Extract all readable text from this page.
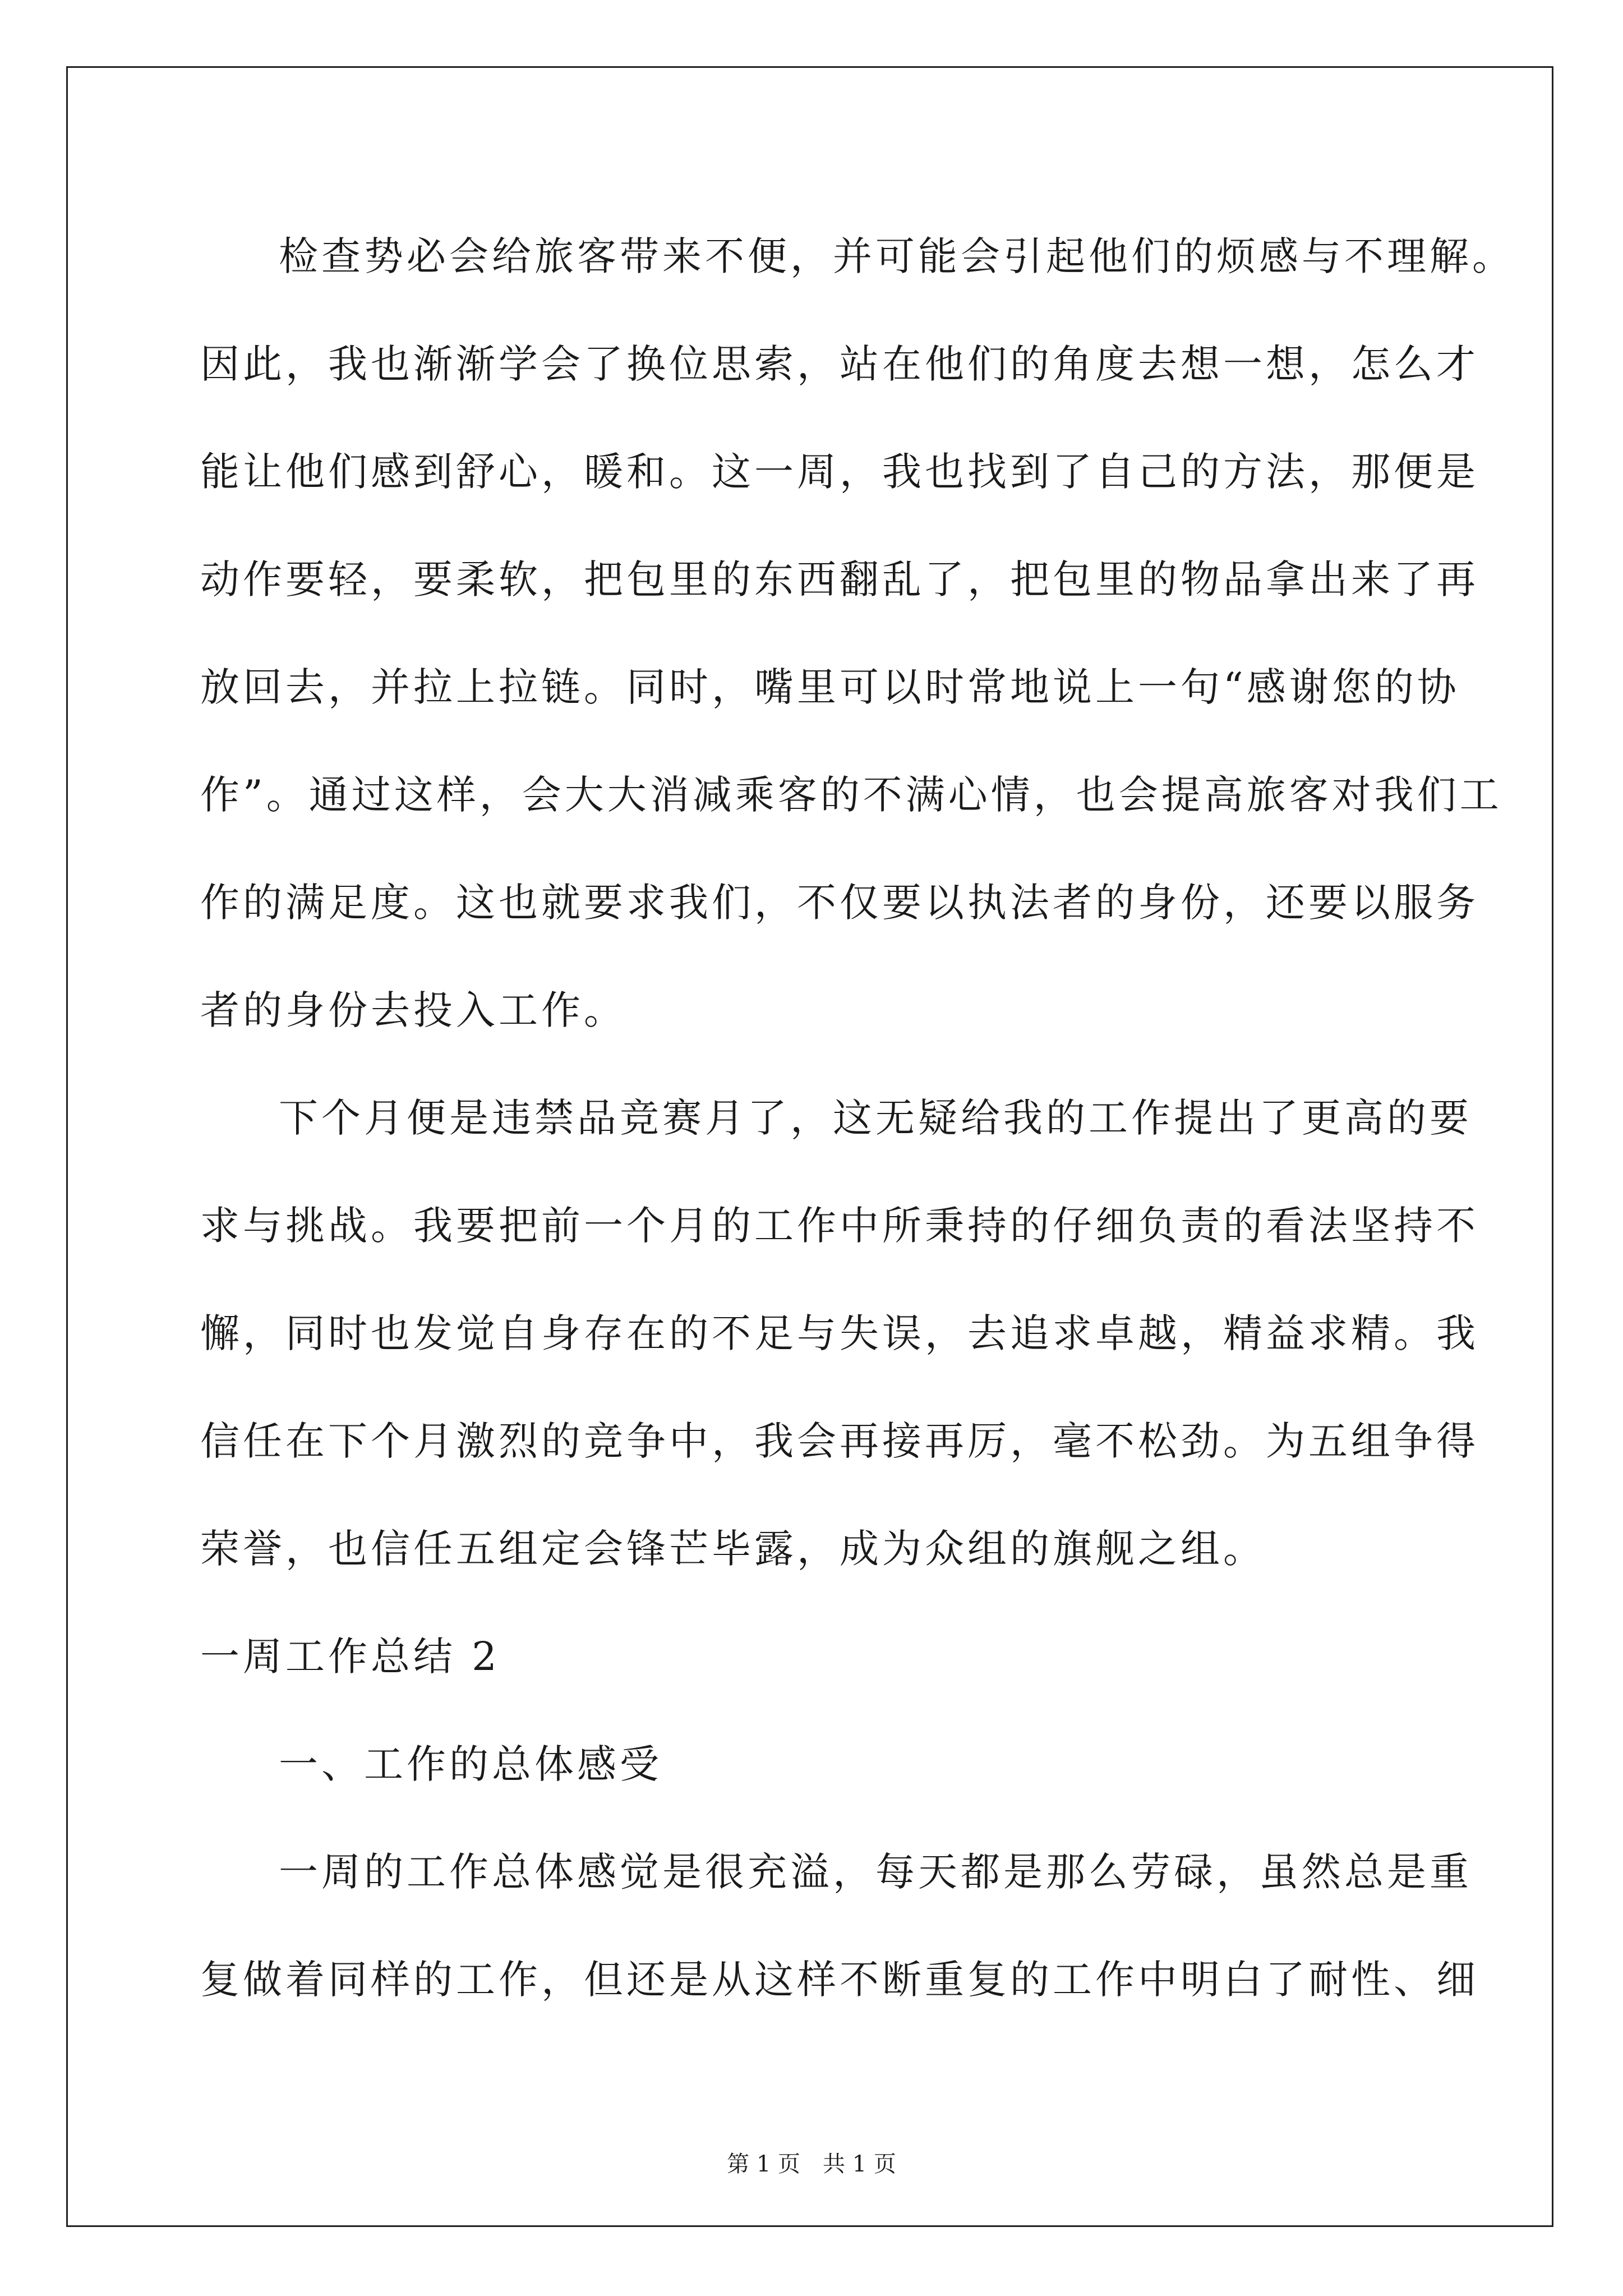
检查势必会给旅客带来不便，并可能会引起他们的烦感与不理解。
因此，我也渐渐学会了换位思索，站在他们的角度去想一想，怎么才
能让他们感到舒心，暖和。这一周，我也找到了自己的方法，那便是
动作要轻，要柔软，把包里的东西翻乱了，把包里的物品拿出来了再
放回去，并拉上拉链。同时，嘴里可以时常地说上一句“感谢您的协
作”。通过这样，会大大消减乘客的不满心情，也会提高旅客对我们工
作的满足度。这也就要求我们，不仅要以执法者的身份，还要以服务
者的身份去投入工作。
下个月便是违禁品竞赛月了，这无疑给我的工作提出了更高的要
求与挑战。我要把前一个月的工作中所秉持的仔细负责的看法坚持不
懈，同时也发觉自身存在的不足与失误，去追求卓越，精益求精。我
信任在下个月激烈的竞争中，我会再接再厉，毫不松劲。为五组争得
荣誉，也信任五组定会锋芒毕露，成为众组的旗舰之组。
一周工作总结 2
一、工作的总体感受
一周的工作总体感觉是很充溢，每天都是那么劳碌，虽然总是重
复做着同样的工作，但还是从这样不断重复的工作中明白了耐性、细
第 1 页 共 1 页
